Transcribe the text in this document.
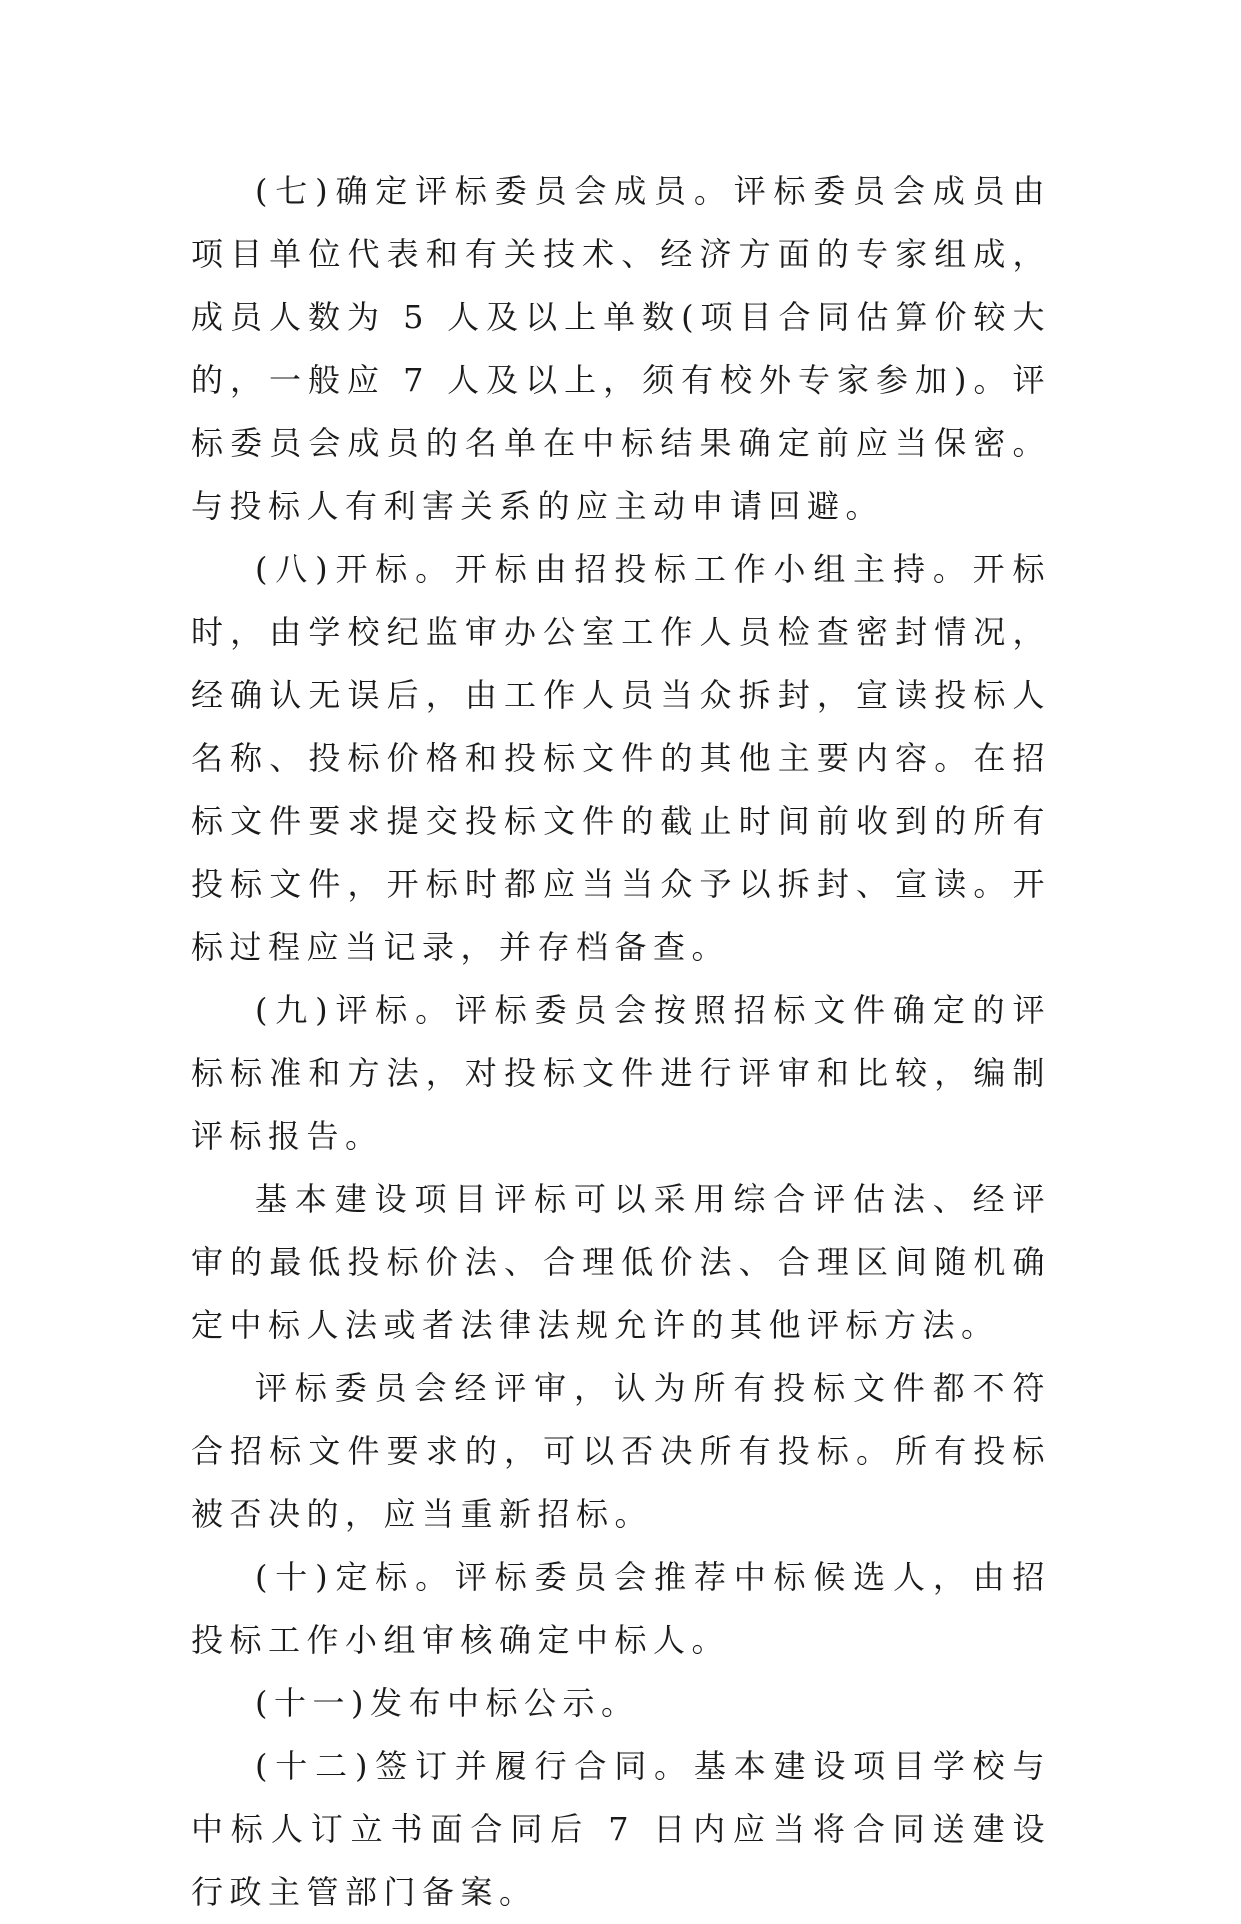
(七)确定评标委员会成员。评标委员会成员由项目单位代表和有关技术、经济方面的专家组成，成员人数为 5 人及以上单数(项目合同估算价较大的，一般应 7 人及以上，须有校外专家参加)。评标委员会成员的名单在中标结果确定前应当保密。与投标人有利害关系的应主动申请回避。

(八)开标。开标由招投标工作小组主持。开标时，由学校纪监审办公室工作人员检查密封情况，经确认无误后，由工作人员当众拆封，宣读投标人名称、投标价格和投标文件的其他主要内容。在招标文件要求提交投标文件的截止时间前收到的所有投标文件，开标时都应当当众予以拆封、宣读。开标过程应当记录，并存档备查。

(九)评标。评标委员会按照招标文件确定的评标标准和方法，对投标文件进行评审和比较，编制评标报告。

基本建设项目评标可以采用综合评估法、经评审的最低投标价法、合理低价法、合理区间随机确定中标人法或者法律法规允许的其他评标方法。

评标委员会经评审，认为所有投标文件都不符合招标文件要求的，可以否决所有投标。所有投标被否决的，应当重新招标。

(十)定标。评标委员会推荐中标候选人，由招投标工作小组审核确定中标人。

(十一)发布中标公示。

(十二)签订并履行合同。基本建设项目学校与中标人订立书面合同后 7 日内应当将合同送建设行政主管部门备案。
